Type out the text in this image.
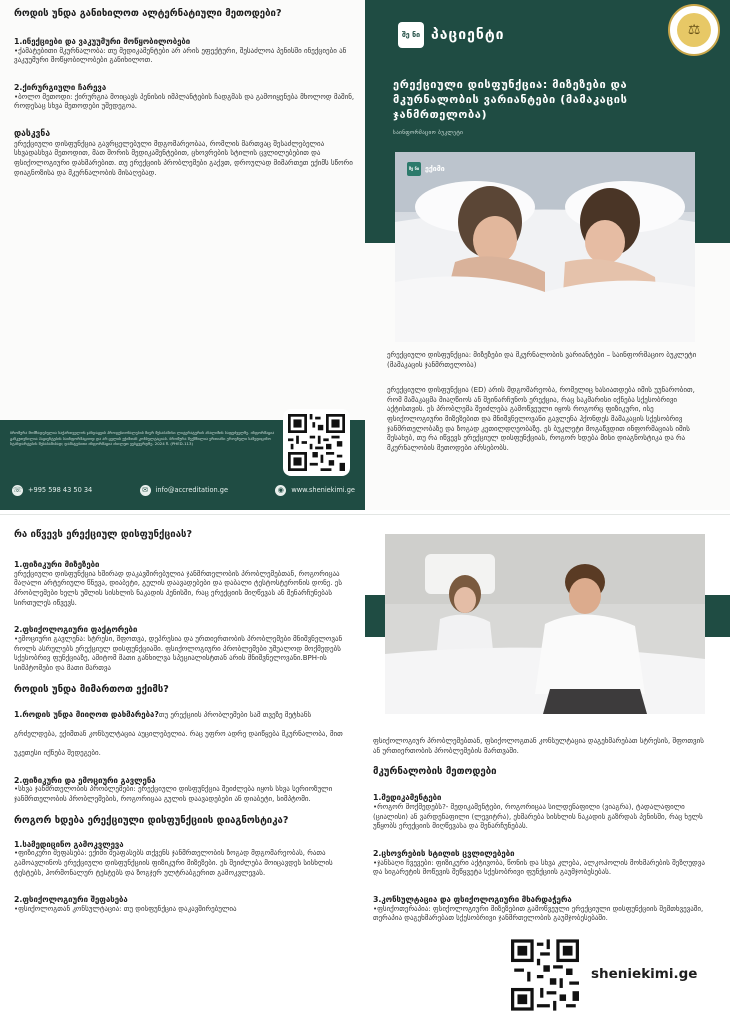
როდის უნდა განიხილოთ ალტერნატიული მეთოდები?
1.ინექციები და ვაკუუმური მოწყობილობები
•ქამატებითი მკურნალობა: თუ მედიკამენტები არ არის ეფექტური, შესაძლოა პენისში ინექციები ან ვაკუუმური მოწყობილობები განიხილოთ.
2.ქირურგიული ჩარევა
•ბოლო მეთოდი: ქირურგია მოიცავს პენისის იმპლანტების ჩადგმას და გამოიყენება მხოლოდ მაშინ, როდესაც სხვა მეთოდები უშედეგოა.
დასკვნა
ერექციული დისფუნქცია გავრცელებული მდგომარეობაა, რომლის მართვაც შესაძლებელია სხვადასხვა მეთოდით, მათ შორის მედიკამენტებით, ცხოვრების სტილის ცვლილებებით და ფსიქოლოგიური დახმარებით. თუ ერექციის პრობლემები გაქვთ, დროულად მიმართეთ ექიმს სწორი დიაგნოზისა და მკურნალობის მისაღებად.
ბროშურა მომზადებულია საქართველოს ჯანდაცვის პროფესიონალების მიერ შესაბამისი ლიტერატურის ანალიზის საფუძველზე. ინფორმაცია განკუთვნილია პაციენტების საინფორმაციოდ და არ ცვლის ექიმთან კონსულტაციას. ბროშურა შექმნილია ერთიანი ეროვნული სამედიცინო სტანდარტების შესაბამისად; დამატებითი ინფორმაცია იხილეთ ვებგვერდზე. 2024 წ. (PHED-113)
☏ +995 598 43 50 34	✉	info@accreditation.ge	◉	www.sheniekimi.ge
შე ნი პაციენტი	⚖
ერექციული დისფუნქცია: მიზეზები და მკურნალობის ვარიანტები (მამაკაცის ჯანმრთელობა)
საინფორმაციო ბუკლეტი
შე ნი ექიმი
ერექციული დისფუნქცია: მიზეზები და მკურნალობის ვარიანტები – საინფორმაციო ბუკლეტი (მამაკაცის ჯანმრთელობა)
ერექციული დისფუნქცია (ED) არის მდგომარეობა, რომელიც ხასიათდება იმის უუნარობით, რომ მამაკაცმა მიაღწიოს ან შეინარჩუნოს ერექცია, რაც საკმარისი იქნება სქესობრივი აქტისთვის. ეს პრობლემა შეიძლება გამოწვეული იყოს როგორც ფიზიკური, ისე ფსიქოლოგიური მიზეზებით და მნიშვნელოვანი გავლენა ჰქონდეს მამაკაცის სქესობრივ ჯანმრთელობაზე და ზოგად კეთილდღეობაზე. ეს ბუკლეტი მოგაწვდით ინფორმაციას იმის შესახებ, თუ რა იწვევს ერექციულ დისფუნქციას, როგორ ხდება მისი დიაგნოსტიკა და რა მკურნალობის მეთოდები არსებობს.
რა იწვევს ერექციულ დისფუნქციას?
1.ფიზიკური მიზეზები
ერექციული დისფუნქცია ხშირად დაკავშირებულია ჯანმრთელობის პრობლემებთან, როგორიცაა მაღალი არტერიული წნევა, დიაბეტი, გულის დაავადებები და დაბალი ტესტოსტერონის დონე. ეს პრობლემები ხელს უშლის სისხლის ნაკადის პენისში, რაც ერექციის მიღწევას ან შენარჩუნებას სირთულეს იწვევს.
2.ფსიქოლოგიური ფაქტორები
•ემოციური გავლენა: სტრესი, შფოთვა, დეპრესია და ურთიერთობის პრობლემები მნიშვნელოვან როლს ასრულებს ერექციულ დისფუნქციაში. ფსიქოლოგიური პრობლემები უშუალოდ მოქმედებს სქესობრივ ფუნქციაზე, ამიტომ მათი განხილვა სპეციალისტთან არის მნიშვნელოვანი.BPH-ის სიმპტომები და მათი მართვა
როდის უნდა მიმართოთ ექიმს?
1.როდის უნდა მიიღოთ დახმარება?თუ ერექციის პრობლემები სამ თვეზე მეტხანს გრძელდება, ექიმთან კონსულტაცია აუცილებელია. რაც უფრო ადრე დაიწყება მკურნალობა, მით უკეთესი იქნება შედეგები.
2.ფიზიკური და ემოციური გავლენა
•სხვა ჯანმრთელობის პრობლემები: ერექციული დისფუნქცია შეიძლება იყოს სხვა სერიოზული ჯანმრთელობის პრობლემების, როგორიცაა გულის დაავადებები ან დიაბეტი, სიმპტომი.
როგორ ხდება ერექციული დისფუნქციის დიაგნოსტიკა?
1.სამედიცინო გამოკვლევა
•ფიზიკური შეფასება: ექიმი შეაფასებს თქვენს ჯანმრთელობის ზოგად მდგომარეობას, რათა გამოავლინოს ერექციული დისფუნქციის ფიზიკური მიზეზები. ეს შეიძლება მოიცავდეს სისხლის ტესტებს, ჰორმონალურ ტესტებს და ზოგჯერ ულტრაბგერით გამოკვლევას.
2.ფსიქოლოგიური შეფასება
•ფსიქოლოგთან კონსულტაცია: თუ დისფუნქცია დაკავშირებულია
ფსიქოლოგიურ პრობლემებთან, ფსიქოლოგთან კონსულტაცია დაგეხმარებათ სტრესის, შფოთვის ან ურთიერთობის პრობლემების მართვაში.
მკურნალობის მეთოდები
1.მედიკამენტები
•როგორ მოქმედებს?- მედიკამენტები, როგორიცაა სილდენაფილი (ვიაგრა), ტადალაფილი (ციალისი) ან ვარდენაფილი (ლევიტრა), ეხმარება სისხლის ნაკადის გაზრდას პენისში, რაც ხელს უწყობს ერექციის მიღწევასა და შენარჩუნებას.
2.ცხოვრების სტილის ცვლილებები
•ჯანსაღი ჩვევები: ფიზიკური აქტივობა, წონის და სხვა კლება, ალკოჰოლის მოხმარების შეზღუდვა და სიგარეტის მოწევის შეწყვეტა სქესობრივი ფუნქციის გაუმჯობესებას.
3.კონსულტაცია და ფსიქოლოგიური მხარდაჭერა
•ფსიქოთერაპია: ფსიქოლოგიური მიზეზებით გამოწვეული ერექციული დისფუნქციის შემთხვევაში, თერაპია დაგეხმარებათ სქესობრივი ჯანმრთელობის გაუმჯობესებაში.
sheniekimi.ge
